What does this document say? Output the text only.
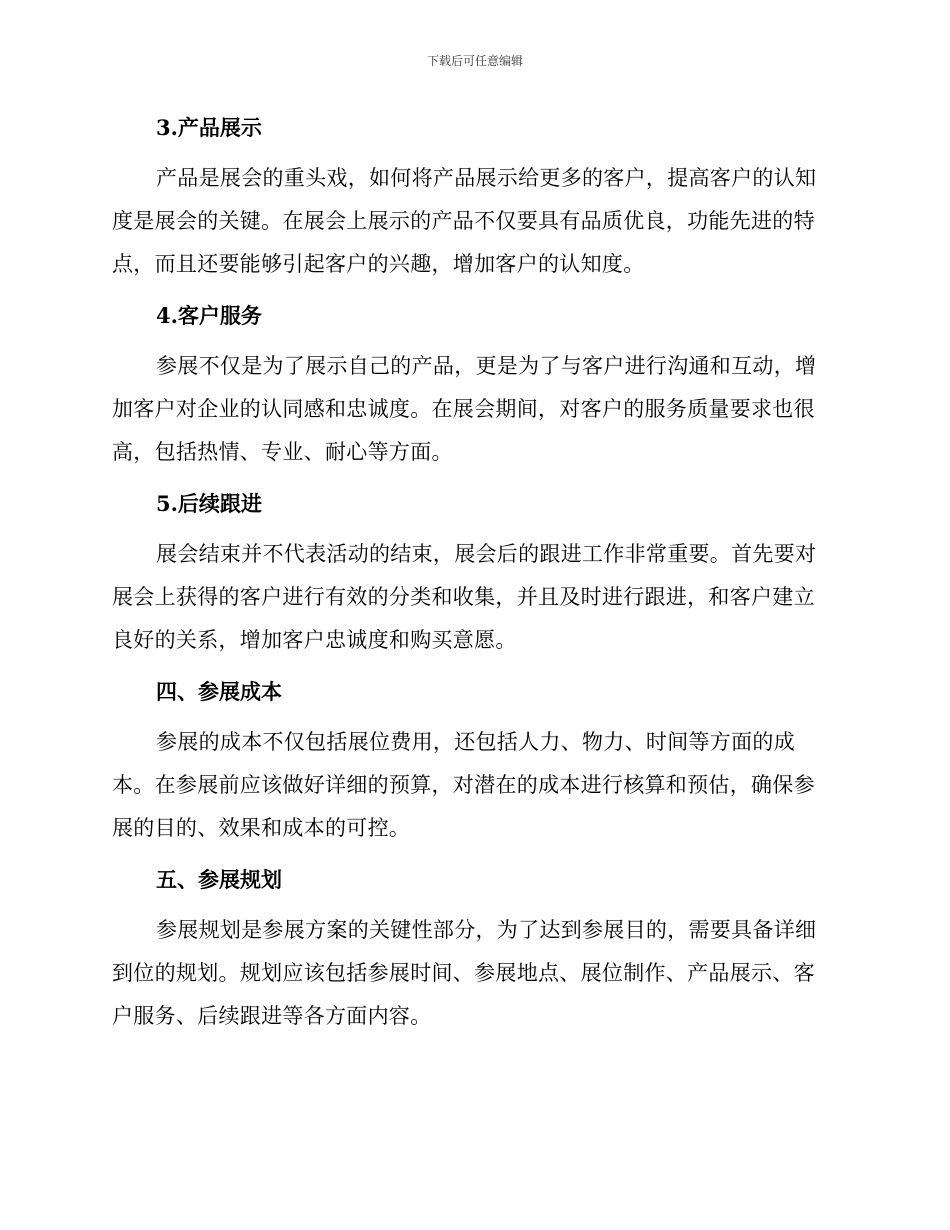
下载后可任意编辑
3.产品展示

产品是展会的重头戏，如何将产品展示给更多的客户，提高客户的认知度是展会的关键。在展会上展示的产品不仅要具有品质优良，功能先进的特点，而且还要能够引起客户的兴趣，增加客户的认知度。

4.客户服务

参展不仅是为了展示自己的产品，更是为了与客户进行沟通和互动，增加客户对企业的认同感和忠诚度。在展会期间，对客户的服务质量要求也很高，包括热情、专业、耐心等方面。

5.后续跟进

展会结束并不代表活动的结束，展会后的跟进工作非常重要。首先要对展会上获得的客户进行有效的分类和收集，并且及时进行跟进，和客户建立良好的关系，增加客户忠诚度和购买意愿。

四、参展成本

参展的成本不仅包括展位费用，还包括人力、物力、时间等方面的成本。在参展前应该做好详细的预算，对潜在的成本进行核算和预估，确保参展的目的、效果和成本的可控。

五、参展规划

参展规划是参展方案的关键性部分，为了达到参展目的，需要具备详细到位的规划。规划应该包括参展时间、参展地点、展位制作、产品展示、客户服务、后续跟进等各方面内容。
